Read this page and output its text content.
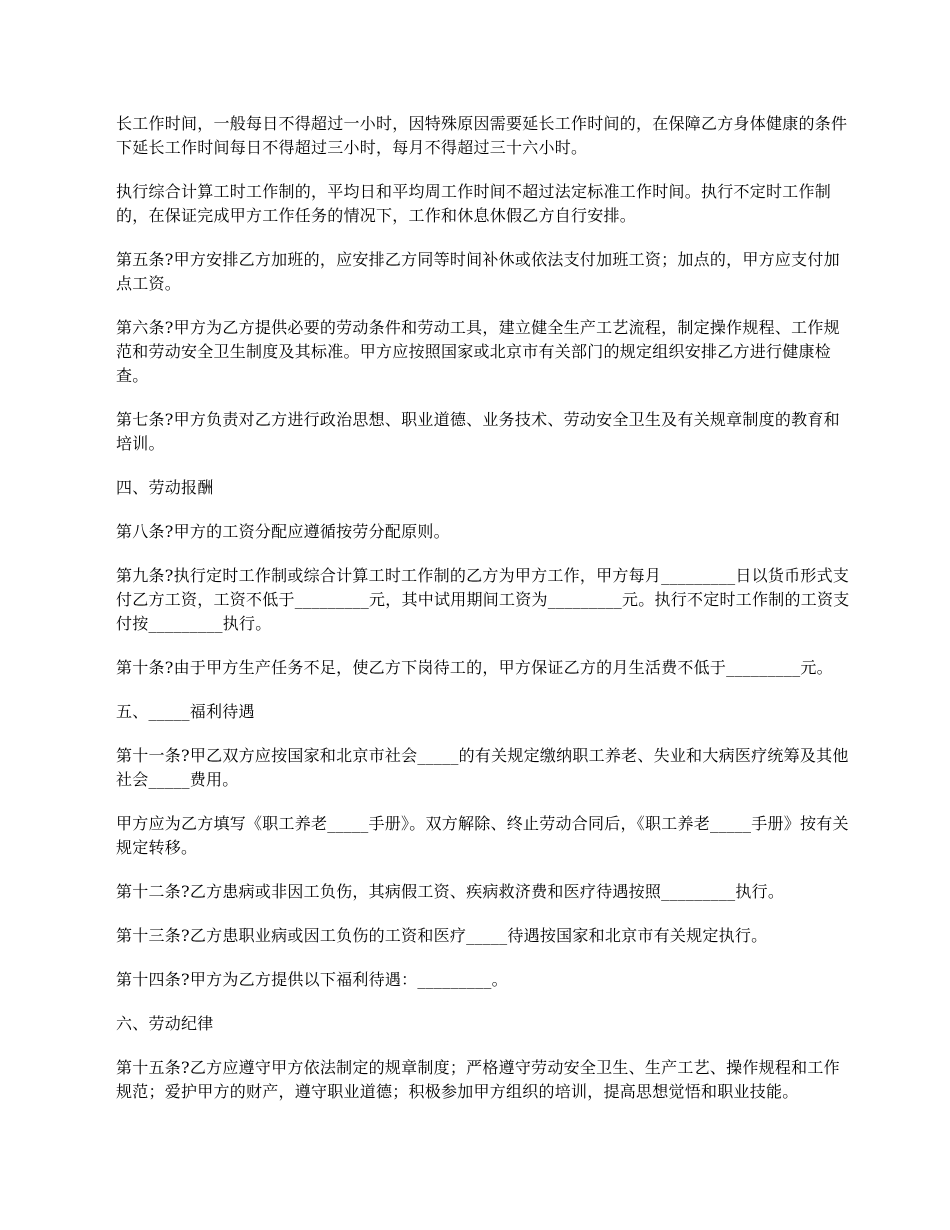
长工作时间，一般每日不得超过一小时，因特殊原因需要延长工作时间的，在保障乙方身体健康的条件下延长工作时间每日不得超过三小时，每月不得超过三十六小时。

执行综合计算工时工作制的，平均日和平均周工作时间不超过法定标准工作时间。执行不定时工作制的，在保证完成甲方工作任务的情况下，工作和休息休假乙方自行安排。

第五条?甲方安排乙方加班的，应安排乙方同等时间补休或依法支付加班工资；加点的，甲方应支付加点工资。

第六条?甲方为乙方提供必要的劳动条件和劳动工具，建立健全生产工艺流程，制定操作规程、工作规范和劳动安全卫生制度及其标准。甲方应按照国家或北京市有关部门的规定组织安排乙方进行健康检查。

第七条?甲方负责对乙方进行政治思想、职业道德、业务技术、劳动安全卫生及有关规章制度的教育和培训。

四、劳动报酬

第八条?甲方的工资分配应遵循按劳分配原则。

第九条?执行定时工作制或综合计算工时工作制的乙方为甲方工作，甲方每月_________日以货币形式支付乙方工资，工资不低于_________元，其中试用期间工资为_________元。执行不定时工作制的工资支付按_________执行。

第十条?由于甲方生产任务不足，使乙方下岗待工的，甲方保证乙方的月生活费不低于_________元。

五、_____福利待遇

第十一条?甲乙双方应按国家和北京市社会_____的有关规定缴纳职工养老、失业和大病医疗统筹及其他社会_____费用。

甲方应为乙方填写《职工养老_____手册》。双方解除、终止劳动合同后，《职工养老_____手册》按有关规定转移。

第十二条?乙方患病或非因工负伤，其病假工资、疾病救济费和医疗待遇按照_________执行。

第十三条?乙方患职业病或因工负伤的工资和医疗_____待遇按国家和北京市有关规定执行。

第十四条?甲方为乙方提供以下福利待遇：_________。

六、劳动纪律

第十五条?乙方应遵守甲方依法制定的规章制度；严格遵守劳动安全卫生、生产工艺、操作规程和工作规范；爱护甲方的财产，遵守职业道德；积极参加甲方组织的培训，提高思想觉悟和职业技能。
